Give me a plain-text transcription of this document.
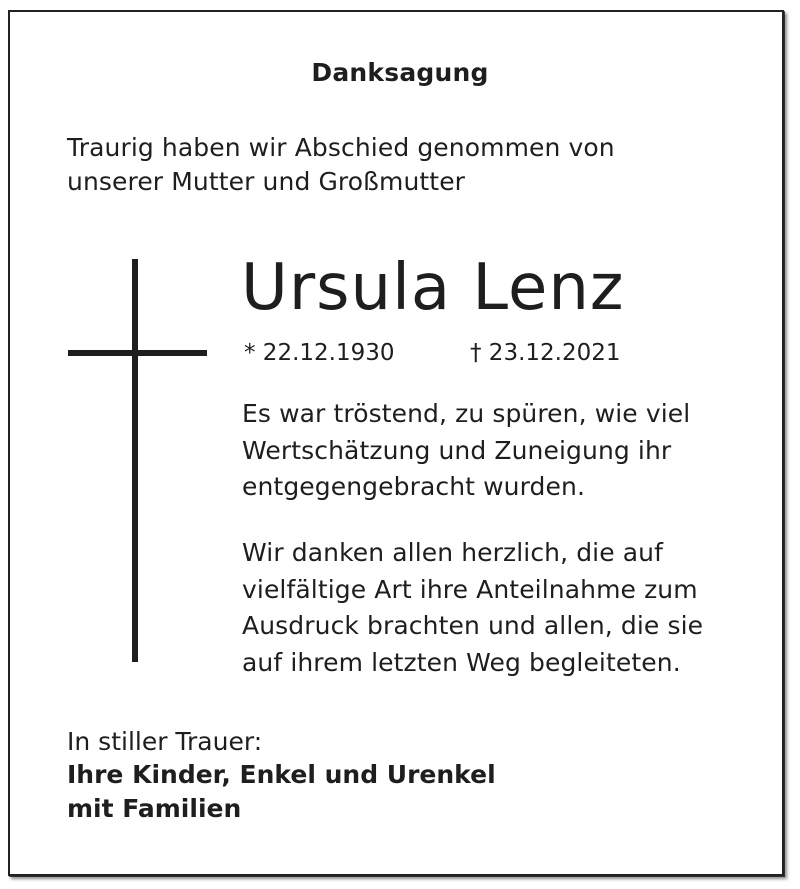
Danksagung
Traurig haben wir Abschied genommen von
unserer Mutter und Großmutter
Ursula Lenz
* 22.12.1930	† 23.12.2021
Es war tröstend, zu spüren, wie viel
Wertschätzung und Zuneigung ihr
entgegengebracht wurden.
Wir danken allen herzlich, die auf
vielfältige Art ihre Anteilnahme zum
Ausdruck brachten und allen, die sie
auf ihrem letzten Weg begleiteten.
In stiller Trauer:
Ihre Kinder, Enkel und Urenkel
mit Familien
